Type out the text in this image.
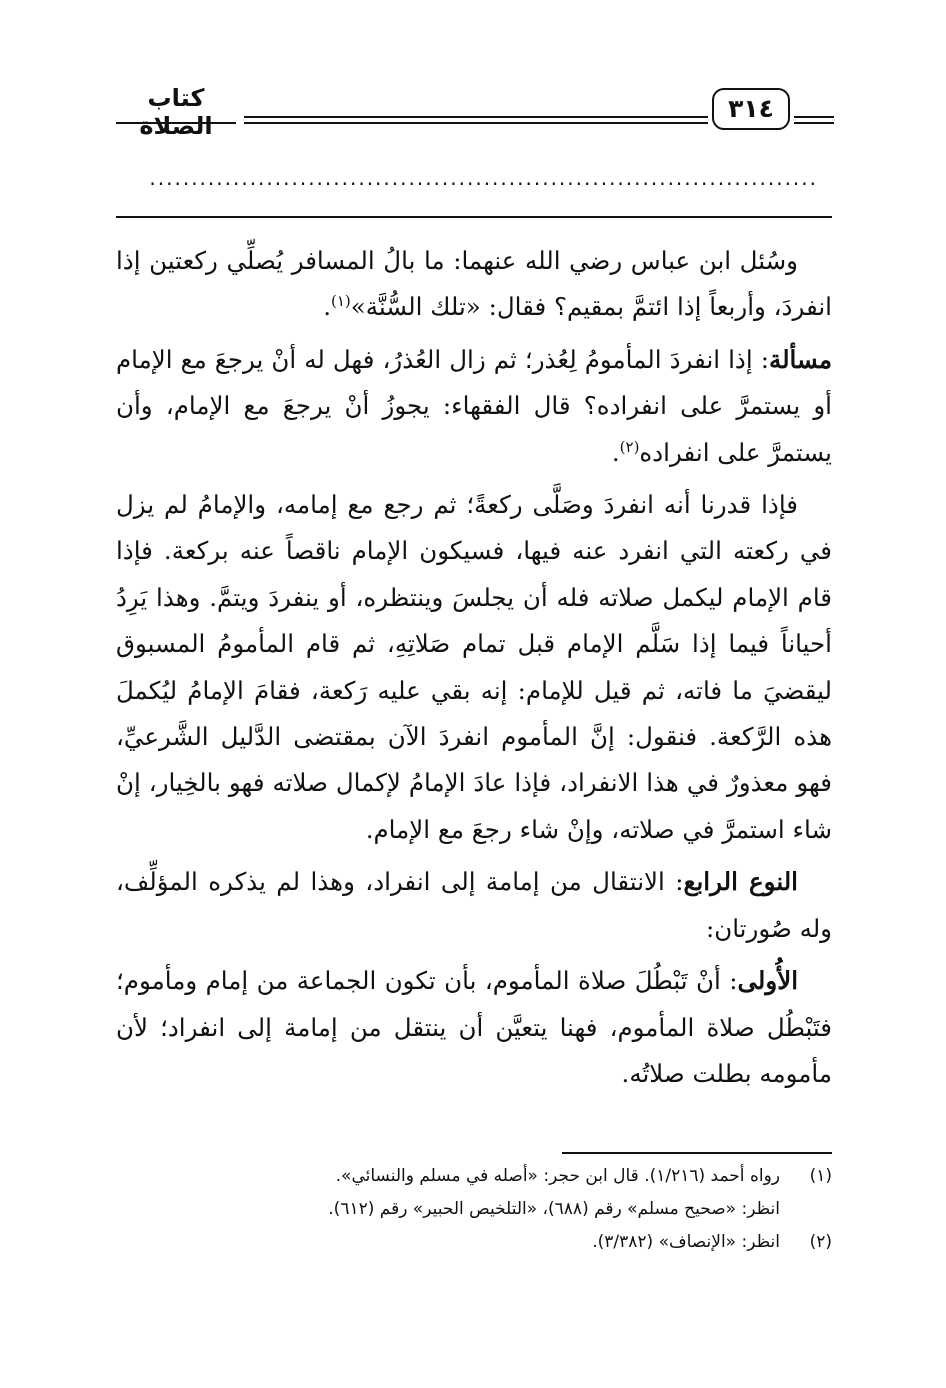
كتاب الصلاة
٣١٤
................................................................................

وسُئل ابن عباس رضي الله عنهما: ما بالُ المسافر يُصلِّي ركعتين إذا انفردَ، وأربعاً إذا ائتمَّ بمقيم؟ فقال: «تلك السُّنَّة»$^{(١)}$.

مسألة: إذا انفردَ المأمومُ لِعُذر؛ ثم زال العُذرُ، فهل له أنْ يرجعَ مع الإمام أو يستمرَّ على انفراده؟ قال الفقهاء: يجوزُ أنْ يرجعَ مع الإمام، وأن يستمرَّ على انفراده$^{(٢)}$.

فإذا قدرنا أنه انفردَ وصَلَّى ركعةً؛ ثم رجع مع إمامه، والإمامُ لم يزل في ركعته التي انفرد عنه فيها، فسيكون الإمام ناقصاً عنه بركعة. فإذا قام الإمام ليكمل صلاته فله أن يجلسَ وينتظره، أو ينفردَ ويتمَّ. وهذا يَرِدُ أحياناً فيما إذا سَلَّم الإمام قبل تمام صَلاتِهِ، ثم قام المأمومُ المسبوق ليقضيَ ما فاته، ثم قيل للإمام: إنه بقي عليه رَكعة، فقامَ الإمامُ ليُكملَ هذه الرَّكعة. فنقول: إنَّ المأموم انفردَ الآن بمقتضى الدَّليل الشَّرعيِّ، فهو معذورٌ في هذا الانفراد، فإذا عادَ الإمامُ لإكمال صلاته فهو بالخِيار، إنْ شاء استمرَّ في صلاته، وإنْ شاء رجعَ مع الإمام.

النوع الرابع: الانتقال من إمامة إلى انفراد، وهذا لم يذكره المؤلِّف، وله صُورتان:

الأُولى: أنْ تَبْطُلَ صلاة المأموم، بأن تكون الجماعة من إمام ومأموم؛ فتَبْطُل صلاة المأموم، فهنا يتعيَّن أن ينتقل من إمامة إلى انفراد؛ لأن مأمومه بطلت صلاتُه.

(١)رواه أحمد (١/٢١٦). قال ابن حجر: «أصله في مسلم والنسائي».
انظر: «صحيح مسلم» رقم (٦٨٨)، «التلخيص الحبير» رقم (٦١٢).
(٢)انظر: «الإنصاف» (٣/٣٨٢).
